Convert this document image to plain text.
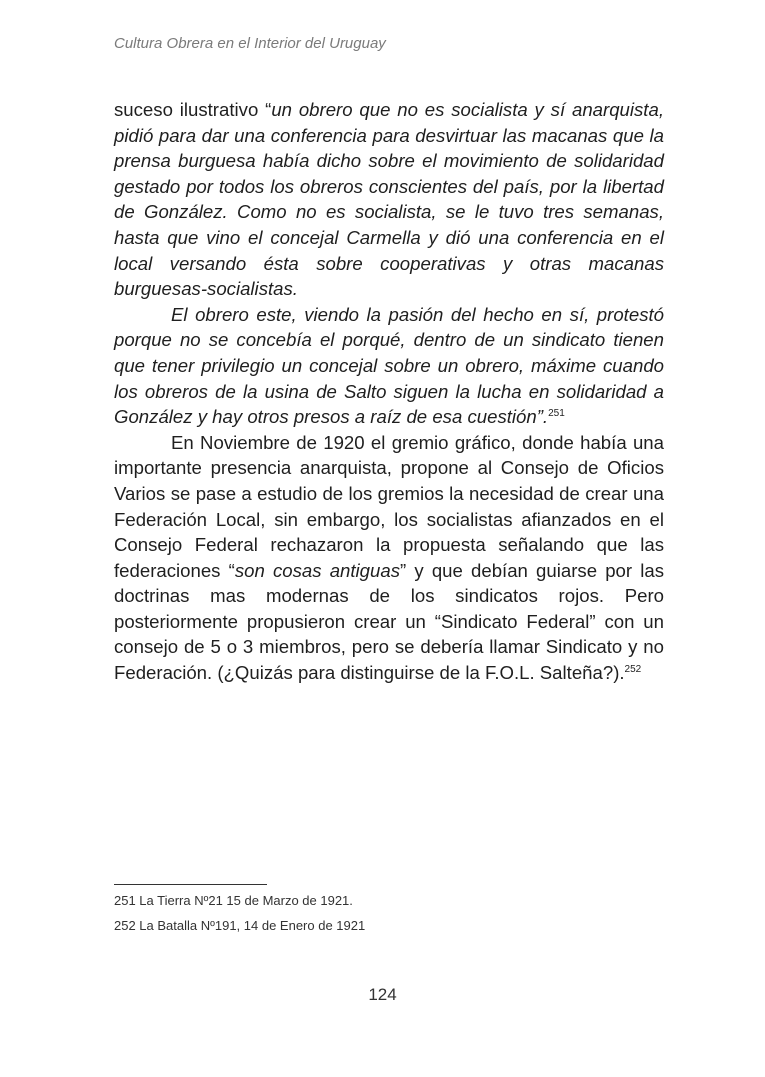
Cultura Obrera en el Interior del Uruguay

suceso ilustrativo “un obrero que no es socialista y sí anarquista, pidió para dar una conferencia para desvirtuar las macanas que la prensa burguesa había dicho sobre el movimiento de solidaridad gestado por todos los obreros conscientes del país, por la libertad de González. Como no es socialista, se le tuvo tres semanas, hasta que vino el concejal Carmella y dió una conferencia en el local versando ésta sobre cooperativas y otras macanas burguesas-socialistas.

El obrero este, viendo la pasión del hecho en sí, protestó porque no se concebía el porqué, dentro de un sindicato tienen que tener privilegio un concejal sobre un obrero, máxime cuando los obreros de la usina de Salto siguen la lucha en solidaridad a González y hay otros presos a raíz de esa cuestión”.$^{251}$

En Noviembre de 1920 el gremio gráfico, donde había una importante presencia anarquista, propone al Consejo de Oficios Varios se pase a estudio de los gremios la necesidad de crear una Federación Local, sin embargo, los socialistas afianzados en el Consejo Federal rechazaron la propuesta señalando que las federaciones “son cosas antiguas” y que debían guiarse por las doctrinas mas modernas de los sindicatos rojos. Pero posteriormente propusieron crear un “Sindicato Federal” con un consejo de 5 o 3 miembros, pero se debería llamar Sindicato y no Federación. (¿Quizás para distinguirse de la F.O.L. Salteña?).$^{252}$

251 La Tierra Nº21 15 de Marzo de 1921.
252 La Batalla Nº191, 14 de Enero de 1921
124
